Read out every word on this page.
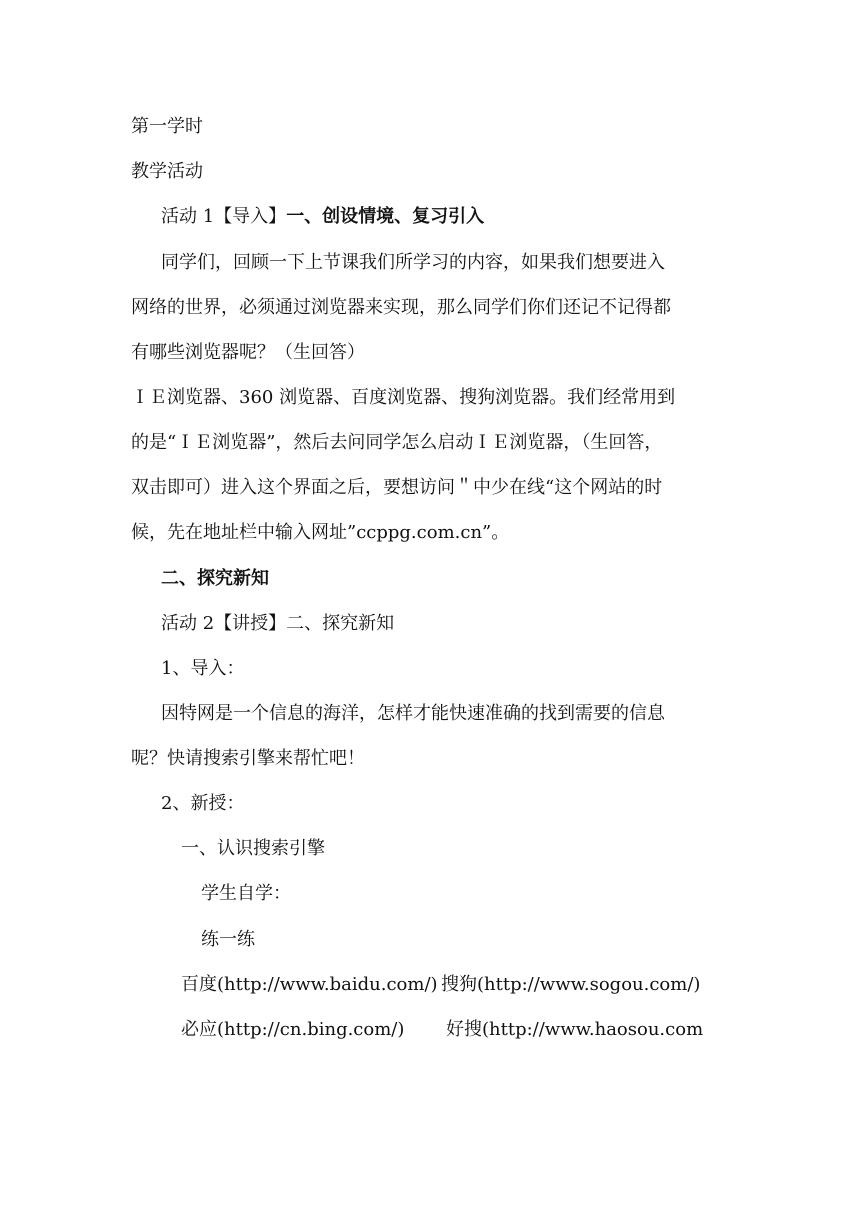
第一学时
教学活动
活动 1【导入】一、创设情境、复习引入
同学们，回顾一下上节课我们所学习的内容，如果我们想要进入
网络的世界，必须通过浏览器来实现，那么同学们你们还记不记得都
有哪些浏览器呢？（生回答）
ＩＥ浏览器、360 浏览器、百度浏览器、搜狗浏览器。我们经常用到
的是“ＩＥ浏览器”，然后去问同学怎么启动ＩＥ浏览器，（生回答，
双击即可）进入这个界面之后，要想访问＂中少在线“这个网站的时
候，先在地址栏中输入网址”ccppg.com.cn”。
二、探究新知
活动 2【讲授】二、探究新知
1、导入：
因特网是一个信息的海洋，怎样才能快速准确的找到需要的信息
呢？快请搜索引擎来帮忙吧！
2、新授：
一、认识搜索引擎
学生自学：
练一练
百度(http://www.baidu.com/) 搜狗(http://www.sogou.com/)
必应(http://cn.bing.com/) 好搜(http://www.haosou.com
